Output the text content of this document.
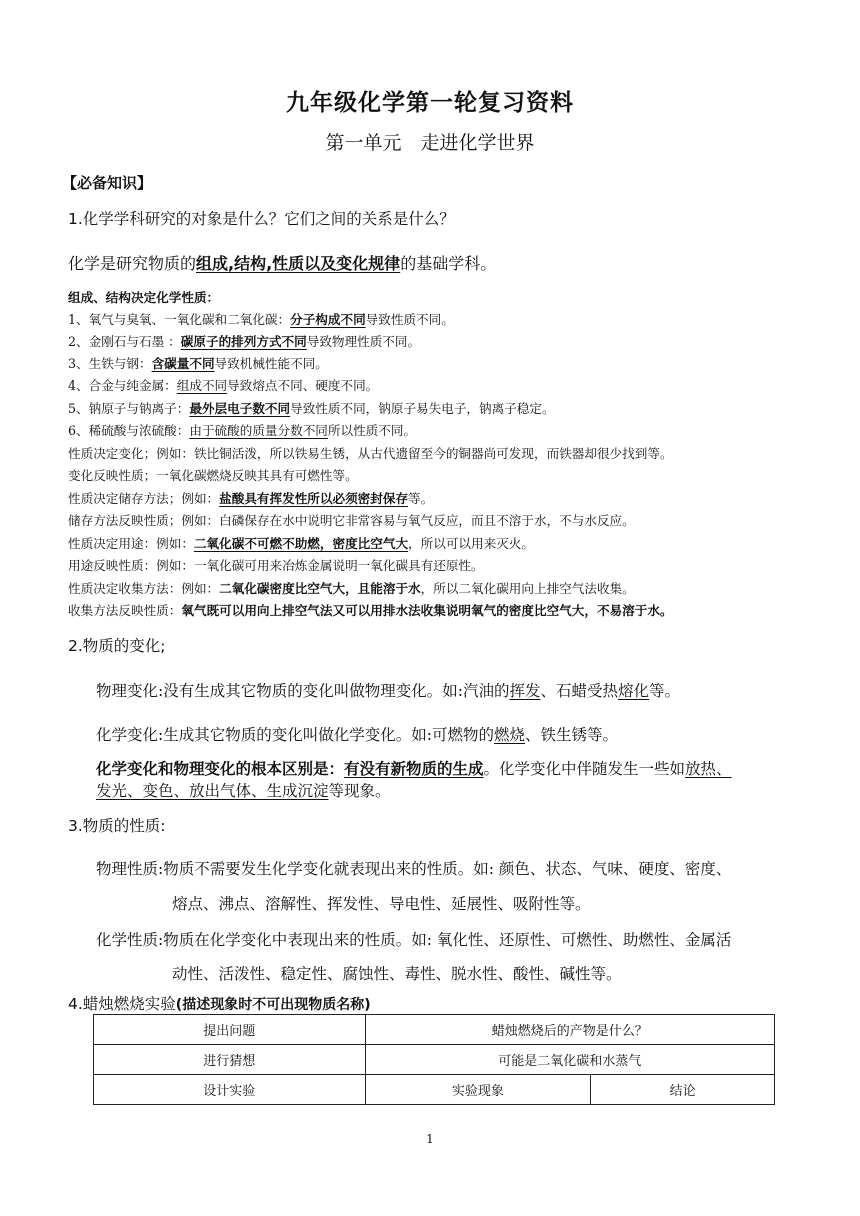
九年级化学第一轮复习资料
第一单元　走进化学世界
【必备知识】
1.化学学科研究的对象是什么？它们之间的关系是什么？
化学是研究物质的组成,结构,性质以及变化规律的基础学科。
组成、结构决定化学性质：
1、氧气与臭氧、一氧化碳和二氧化碳：分子构成不同导致性质不同。
2、金刚石与石墨 ：碳原子的排列方式不同导致物理性质不同。
3、生铁与钢：含碳量不同导致机械性能不同。
4、合金与纯金属：组成不同导致熔点不同、硬度不同。
5、钠原子与钠离子：最外层电子数不同导致性质不同，钠原子易失电子，钠离子稳定。
6、稀硫酸与浓硫酸：由于硫酸的质量分数不同所以性质不同。
性质决定变化；例如：铁比铜活泼，所以铁易生锈，从古代遗留至今的铜器尚可发现，而铁器却很少找到等。
变化反映性质；一氧化碳燃烧反映其具有可燃性等。
性质决定储存方法；例如：盐酸具有挥发性所以必须密封保存等。
储存方法反映性质；例如：白磷保存在水中说明它非常容易与氧气反应，而且不溶于水，不与水反应。
性质决定用途：例如：二氧化碳不可燃不助燃，密度比空气大，所以可以用来灭火。
用途反映性质：例如：一氧化碳可用来冶炼金属说明一氧化碳具有还原性。
性质决定收集方法：例如：二氧化碳密度比空气大，且能溶于水，所以二氧化碳用向上排空气法收集。
收集方法反映性质：氧气既可以用向上排空气法又可以用排水法收集说明氧气的密度比空气大，不易溶于水。
2.物质的变化;
物理变化:没有生成其它物质的变化叫做物理变化。如:汽油的挥发、石蜡受热熔化等。
化学变化:生成其它物质的变化叫做化学变化。如:可燃物的燃烧、铁生锈等。
化学变化和物理变化的根本区别是：有没有新物质的生成。化学变化中伴随发生一些如放热、
发光、变色、放出气体、生成沉淀等现象。
3.物质的性质:
物理性质:物质不需要发生化学变化就表现出来的性质。如: 颜色、状态、气味、硬度、密度、
熔点、沸点、溶解性、挥发性、导电性、延展性、吸附性等。
化学性质:物质在化学变化中表现出来的性质。如: 氧化性、还原性、可燃性、助燃性、金属活
动性、活泼性、稳定性、腐蚀性、毒性、脱水性、酸性、碱性等。
4.蜡烛燃烧实验(描述现象时不可出现物质名称)
提出问题	蜡烛燃烧后的产物是什么？	
进行猜想	可能是二氧化碳和水蒸气	
设计实验	实验现象	结论
1
